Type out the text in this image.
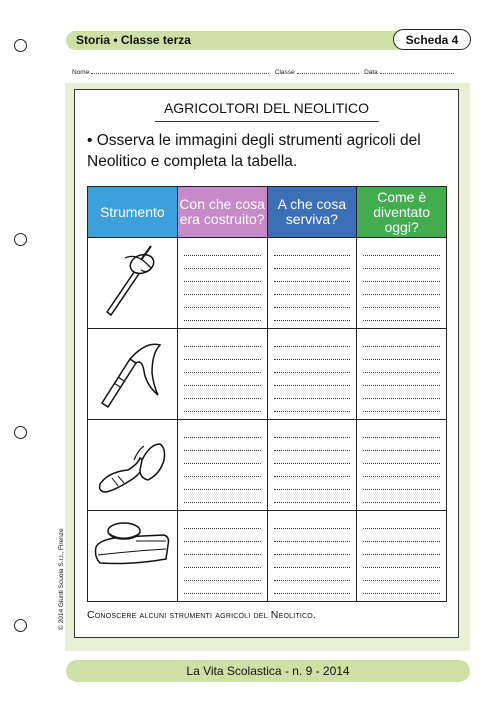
Storia • Classe terza	Scheda 4
Nome	Classe	Data
AGRICOLTORI DEL NEOLITICO
• Osserva le immagini degli strumenti agricoli del Neolitico e completa la tabella.
Strumento	Con che cosa era costruito?	A che cosa serviva?	Come è diventato oggi?

Conoscere alcuni strumenti agricoli del Neolitico.
© 2014 Giunti Scuola S.r.l., Firenze
La Vita Scolastica - n. 9 - 2014
